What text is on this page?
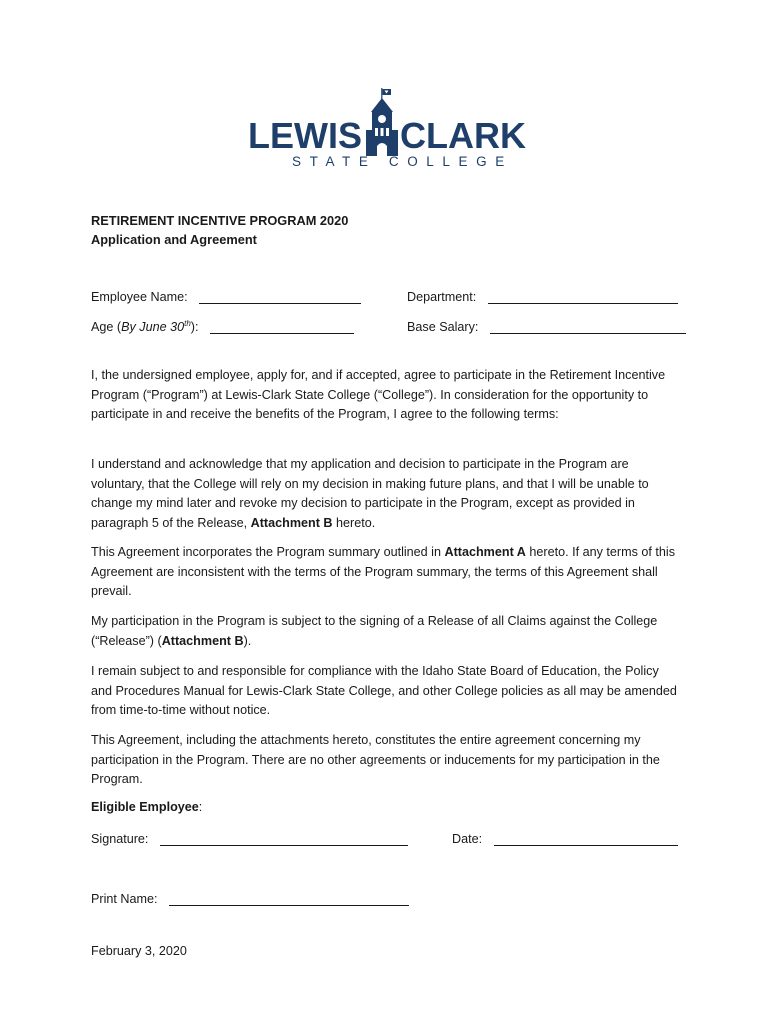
LEWIS CLARK
STATE COLLEGE
RETIREMENT INCENTIVE PROGRAM 2020
Application and Agreement
Employee Name:	Department:
Age (By June 30th):	Base Salary:

I, the undersigned employee, apply for, and if accepted, agree to participate in the Retirement Incentive Program (“Program”) at Lewis-Clark State College (“College”). In consideration for the opportunity to participate in and receive the benefits of the Program, I agree to the following terms:

I understand and acknowledge that my application and decision to participate in the Program are voluntary, that the College will rely on my decision in making future plans, and that I will be unable to change my mind later and revoke my decision to participate in the Program, except as provided in paragraph 5 of the Release, Attachment B hereto.

This Agreement incorporates the Program summary outlined in Attachment A hereto. If any terms of this Agreement are inconsistent with the terms of the Program summary, the terms of this Agreement shall prevail.

My participation in the Program is subject to the signing of a Release of all Claims against the College (“Release”) (Attachment B).

I remain subject to and responsible for compliance with the Idaho State Board of Education, the Policy and Procedures Manual for Lewis-Clark State College, and other College policies as all may be amended from time-to-time without notice.

This Agreement, including the attachments hereto, constitutes the entire agreement concerning my participation in the Program. There are no other agreements or inducements for my participation in the Program.

Eligible Employee:
Signature:	Date:
Print Name:
February 3, 2020
